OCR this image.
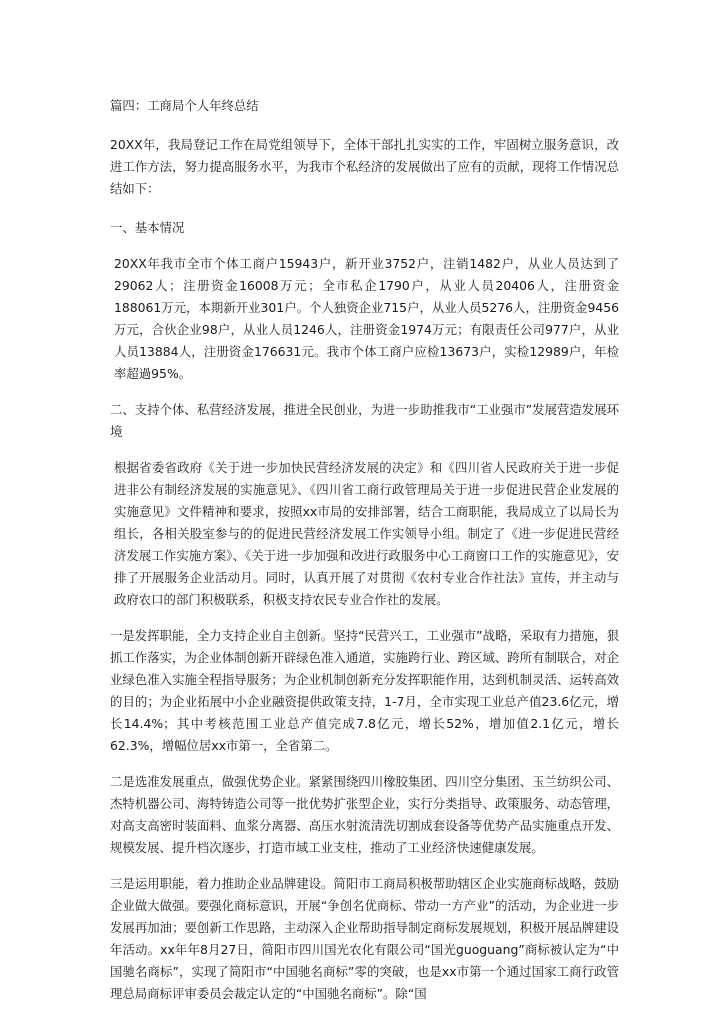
篇四：工商局个人年终总结

20XX年，我局登记工作在局党组领导下，全体干部扎扎实实的工作，牢固树立服务意识，改进工作方法，努力提高服务水平，为我市个私经济的发展做出了应有的贡献，现将工作情况总结如下：

一、基本情况

20XX年我市全市个体工商户15943户，新开业3752户，注销1482户，从业人员达到了29062人；注册资金16008万元；全市私企1790户，从业人员20406人，注册资金188061万元，本期新开业301户。个人独资企业715户，从业人员5276人，注册资金9456万元，合伙企业98户，从业人员1246人，注册资金1974万元；有限责任公司977户，从业人员13884人，注册资金176631元。我市个体工商户应检13673户，实检12989户，年检率超過95%。

二、支持个体、私营经济发展，推进全民创业，为进一步助推我市“工业强市”发展营造发展环境

根据省委省政府《关于进一步加快民营经济发展的决定》和《四川省人民政府关于进一步促进非公有制经济发展的实施意见》、《四川省工商行政管理局关于进一步促进民营企业发展的实施意见》文件精神和要求，按照xx市局的安排部署，结合工商职能，我局成立了以局长为组长，各相关股室参与的的促进民营经济发展工作实领导小组。制定了《进一步促进民营经济发展工作实施方案》、《关于进一步加强和改进行政服务中心工商窗口工作的实施意见》，安排了开展服务企业活动月。同时，认真开展了对贯彻《农村专业合作社法》宣传，并主动与政府农口的部门积极联系，积极支持农民专业合作社的发展。

一是发挥职能，全力支持企业自主创新。坚持“民营兴工，工业强市”战略，采取有力措施，狠抓工作落实，为企业体制创新开辟绿色准入通道，实施跨行业、跨区域、跨所有制联合，对企业绿色准入实施全程指导服务；为企业机制创新充分发挥职能作用，达到机制灵活、运转高效的目的；为企业拓展中小企业融资提供政策支持，1-7月，全市实现工业总产值23.6亿元，增长14.4%；其中考核范围工业总产值完成7.8亿元，增长52%，增加值2.1亿元，增长62.3%，增幅位居xx市第一，全省第二。

二是选准发展重点，做强优势企业。紧紧围绕四川橡胶集团、四川空分集团、玉兰纺织公司、杰特机器公司、海特铸造公司等一批优势扩张型企业，实行分类指导、政策服务、动态管理，对高支高密时装面料、血浆分离器、高压水射流清洗切割成套设备等优势产品实施重点开发、规模发展、提升档次逐步，打造市域工业支柱，推动了工业经济快速健康发展。

三是运用职能，着力推助企业品牌建设。简阳市工商局积极帮助辖区企业实施商标战略，鼓励企业做大做强。要强化商标意识，开展“争创名优商标、带动一方产业”的活动，为企业进一步发展再加油；要创新工作思路，主动深入企业帮助指导制定商标发展规划，积极开展品牌建设年活动。xx年年8月27日，简阳市四川国光农化有限公司“国光guoguang”商标被认定为“中国驰名商标”，实现了简阳市“中国驰名商标”零的突破，也是xx市第一个通过国家工商行政管理总局商标评审委员会裁定认定的“中国驰名商标”。除“国
